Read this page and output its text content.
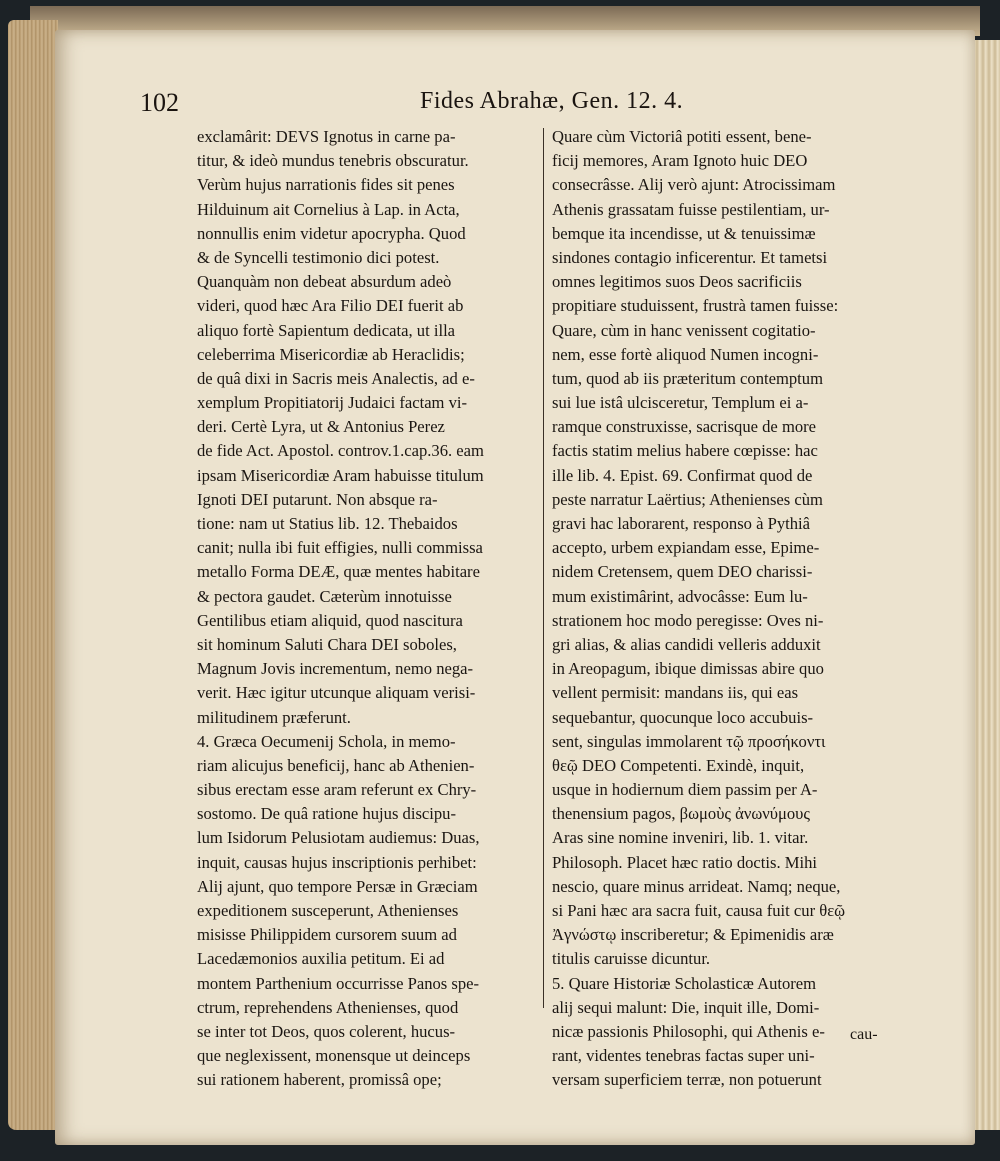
102	Fides Abrahæ, Gen. 12. 4.
exclamârit: DEVS Ignotus in carne pa-
titur, & ideò mundus tenebris obscuratur.
Verùm hujus narrationis fides sit penes
Hilduinum ait Cornelius à Lap. in Acta,
nonnullis enim videtur apocrypha. Quod
& de Syncelli testimonio dici potest.
Quanquàm non debeat absurdum adeò
videri, quod hæc Ara Filio DEI fuerit ab
aliquo fortè Sapientum dedicata, ut illa
celeberrima Misericordiæ ab Heraclidis;
de quâ dixi in Sacris meis Analectis, ad e-
xemplum Propitiatorij Judaici factam vi-
deri. Certè Lyra, ut & Antonius Perez
de fide Act. Apostol. controv.1.cap.36. eam
ipsam Misericordiæ Aram habuisse titulum
Ignoti DEI putarunt. Non absque ra-
tione: nam ut Statius lib. 12. Thebaidos
canit; nulla ibi fuit effigies, nulli commissa
metallo Forma DEÆ, quæ mentes habitare
& pectora gaudet. Cæterùm innotuisse
Gentilibus etiam aliquid, quod nascitura
sit hominum Saluti Chara DEI soboles,
Magnum Jovis incrementum, nemo nega-
verit. Hæc igitur utcunque aliquam verisi-
militudinem præferunt.
4. Græca Oecumenij Schola, in memo-
riam alicujus beneficij, hanc ab Athenien-
sibus erectam esse aram referunt ex Chry-
sostomo. De quâ ratione hujus discipu-
lum Isidorum Pelusiotam audiemus: Duas,
inquit, causas hujus inscriptionis perhibet:
Alij ajunt, quo tempore Persæ in Græciam
expeditionem susceperunt, Athenienses
misisse Philippidem cursorem suum ad
Lacedæmonios auxilia petitum. Ei ad
montem Parthenium occurrisse Panos spe-
ctrum, reprehendens Athenienses, quod
se inter tot Deos, quos colerent, hucus-
que neglexissent, monensque ut deinceps
sui rationem haberent, promissâ ope;
Quare cùm Victoriâ potiti essent, bene-
ficij memores, Aram Ignoto huic DEO
consecrâsse. Alij verò ajunt: Atrocissimam
Athenis grassatam fuisse pestilentiam, ur-
bemque ita incendisse, ut & tenuissimæ
sindones contagio inficerentur. Et tametsi
omnes legitimos suos Deos sacrificiis
propitiare studuissent, frustrà tamen fuisse:
Quare, cùm in hanc venissent cogitatio-
nem, esse fortè aliquod Numen incogni-
tum, quod ab iis præteritum contemptum
sui lue istâ ulcisceretur, Templum ei a-
ramque construxisse, sacrisque de more
factis statim melius habere cœpisse: hac
ille lib. 4. Epist. 69. Confirmat quod de
peste narratur Laërtius; Athenienses cùm
gravi hac laborarent, responso à Pythiâ
accepto, urbem expiandam esse, Epime-
nidem Cretensem, quem DEO charissi-
mum existimârint, advocâsse: Eum lu-
strationem hoc modo peregisse: Oves ni-
gri alias, & alias candidi velleris adduxit
in Areopagum, ibique dimissas abire quo
vellent permisit: mandans iis, qui eas
sequebantur, quocunque loco accubuis-
sent, singulas immolarent τῷ προσήκοντι
θεῷ DEO Competenti. Exindè, inquit,
usque in hodiernum diem passim per A-
thenensium pagos, βωμοὺς ἀνωνύμους
Aras sine nomine inveniri, lib. 1. vitar.
Philosoph. Placet hæc ratio doctis. Mihi
nescio, quare minus arrideat. Namq; neque,
si Pani hæc ara sacra fuit, causa fuit cur θεῷ
Ἀγνώστῳ inscriberetur; & Epimenidis aræ
titulis caruisse dicuntur.
5. Quare Historiæ Scholasticæ Autorem
alij sequi malunt: Die, inquit ille, Domi-
nicæ passionis Philosophi, qui Athenis e-
rant, videntes tenebras factas super uni-
versam superficiem terræ, non potuerunt
cau-
